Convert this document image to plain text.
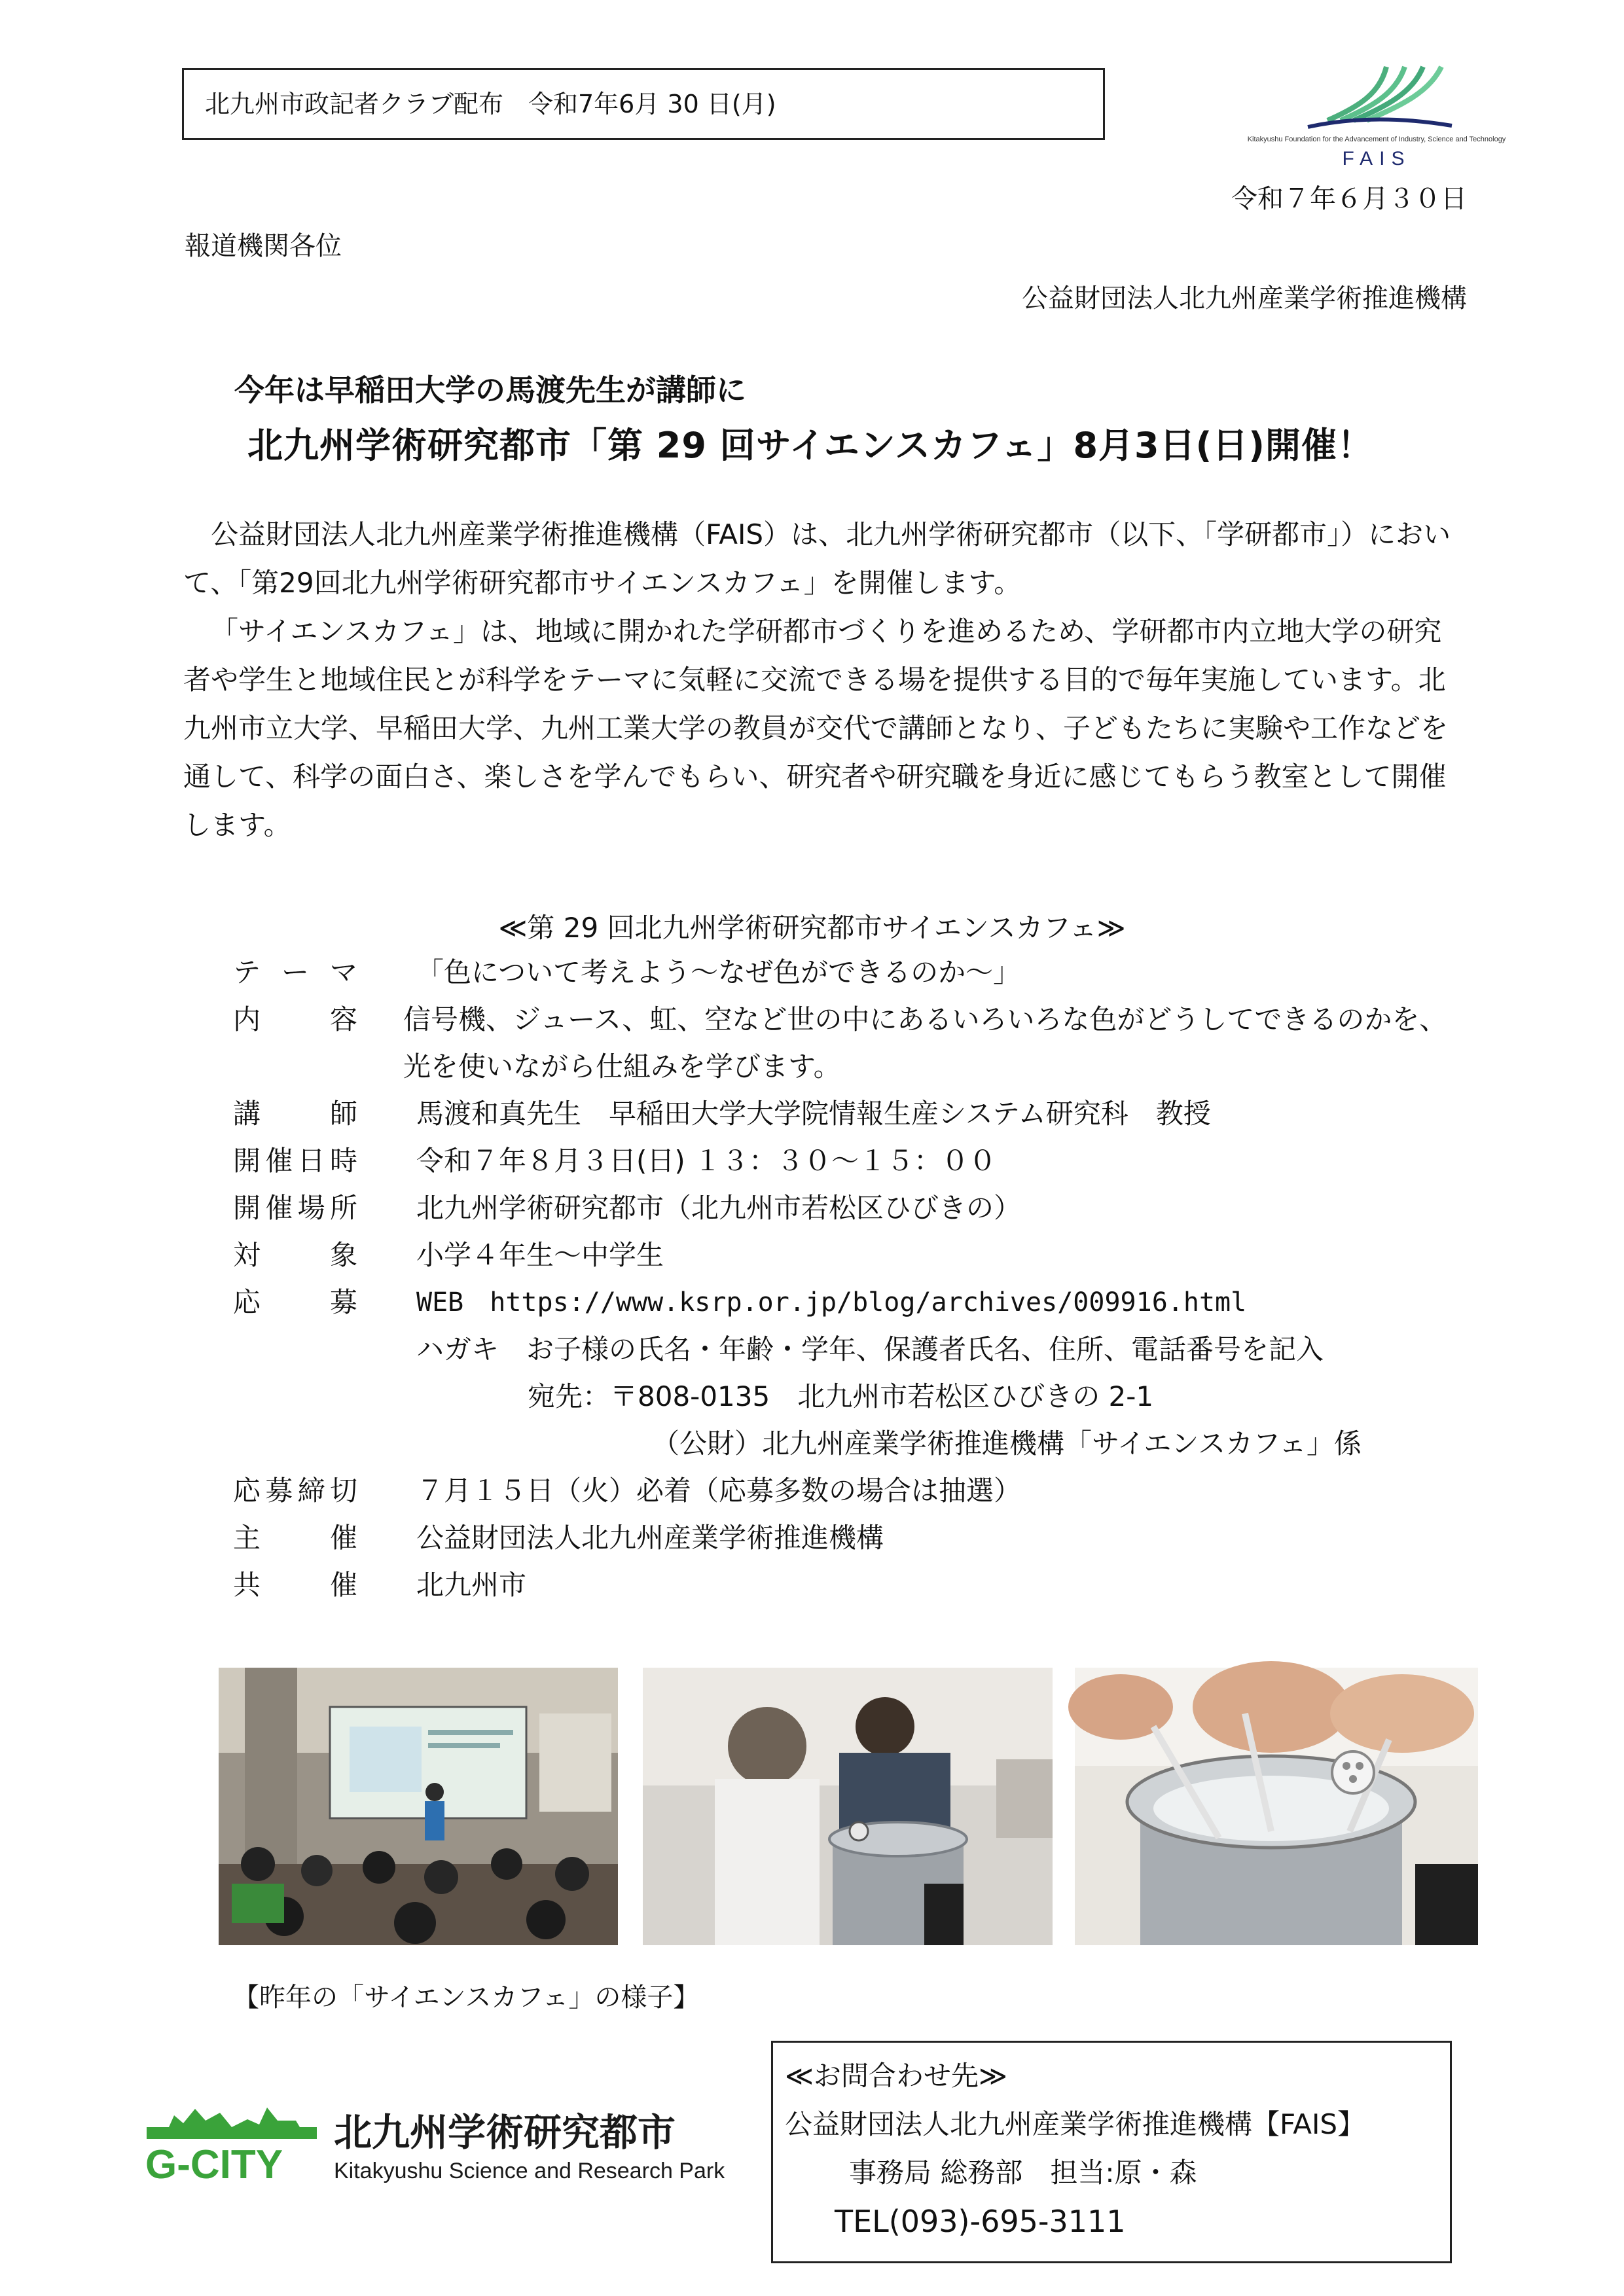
北九州市政記者クラブ配布　令和7年6月 30 日(月)
Kitakyushu Foundation for the Advancement of Industry, Science and Technology
FAIS
令和７年６月３０日
報道機関各位
公益財団法人北九州産業学術推進機構
今年は早稲田大学の馬渡先生が講師に
北九州学術研究都市「第 29 回サイエンスカフェ」8月3日(日)開催！

公益財団法人北九州産業学術推進機構（FAIS）は、北九州学術研究都市（以下、「学研都市」）において、「第29回北九州学術研究都市サイエンスカフェ」を開催します。

「サイエンスカフェ」は、地域に開かれた学研都市づくりを進めるため、学研都市内立地大学の研究者や学生と地域住民とが科学をテーマに気軽に交流できる場を提供する目的で毎年実施しています。北九州市立大学、早稲田大学、九州工業大学の教員が交代で講師となり、子どもたちに実験や工作などを通して、科学の面白さ、楽しさを学んでもらい、研究者や研究職を身近に感じてもらう教室として開催します。

≪第 29 回北九州学術研究都市サイエンスカフェ≫
テーマ 「色について考えよう～なぜ色ができるのか～」
内容 信号機、ジュース、虹、空など世の中にあるいろいろな色がどうしてできるのかを、光を使いながら仕組みを学びます。
講師 馬渡和真先生　早稲田大学大学院情報生産システム研究科　教授
開催日時 令和７年８月３日(日) １３：３０～１５：００
開催場所 北九州学術研究都市（北九州市若松区ひびきの）
対象 小学４年生～中学生
応募 WEB　https://www.ksrp.or.jp/blog/archives/009916.html
ハガキ　お子様の氏名・年齢・学年、保護者氏名、住所、電話番号を記入
宛先：〒808-0135　北九州市若松区ひびきの 2-1
（公財）北九州産業学術推進機構「サイエンスカフェ」係
応募締切 ７月１５日（火）必着（応募多数の場合は抽選）
主催 公益財団法人北九州産業学術推進機構
共催 北九州市
【昨年の「サイエンスカフェ」の様子】
G-CITY
北九州学術研究都市
Kitakyushu Science and Research Park
≪お問合わせ先≫
公益財団法人北九州産業学術推進機構【FAIS】
事務局 総務部　担当:原・森
TEL(093)-695-3111
